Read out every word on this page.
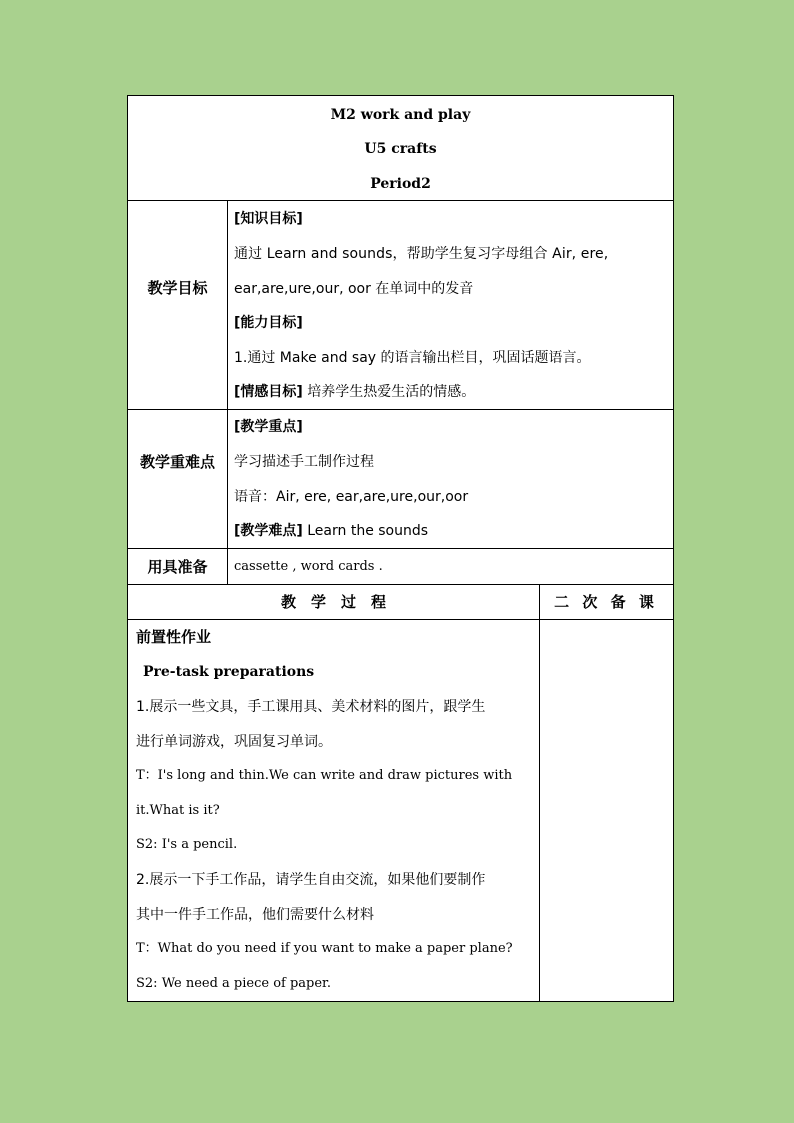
M2 work and play
U5 crafts
Period2
教学目标
[知识目标]
通过 Learn and sounds，帮助学生复习字母组合 Air, ere,
ear,are,ure,our, oor 在单词中的发音
[能力目标]
1.通过 Make and say 的语言输出栏目，巩固话题语言。
[情感目标] 培养学生热爱生活的情感。
教学重难点
[教学重点]
学习描述手工制作过程
语音：Air, ere, ear,are,ure,our,oor
[教学难点] Learn the sounds
用具准备	cassette , word cards .
教　学　过　程	二 次 备 课
前置性作业
Pre-task preparations
1.展示一些文具，手工课用具、美术材料的图片，跟学生
进行单词游戏，巩固复习单词。
T：I's long and thin.We can write and draw pictures with
it.What is it?
S2: I's a pencil.
2.展示一下手工作品，请学生自由交流，如果他们要制作
其中一件手工作品，他们需要什么材料
T：What do you need if you want to make a paper plane?
S2: We need a piece of paper.
